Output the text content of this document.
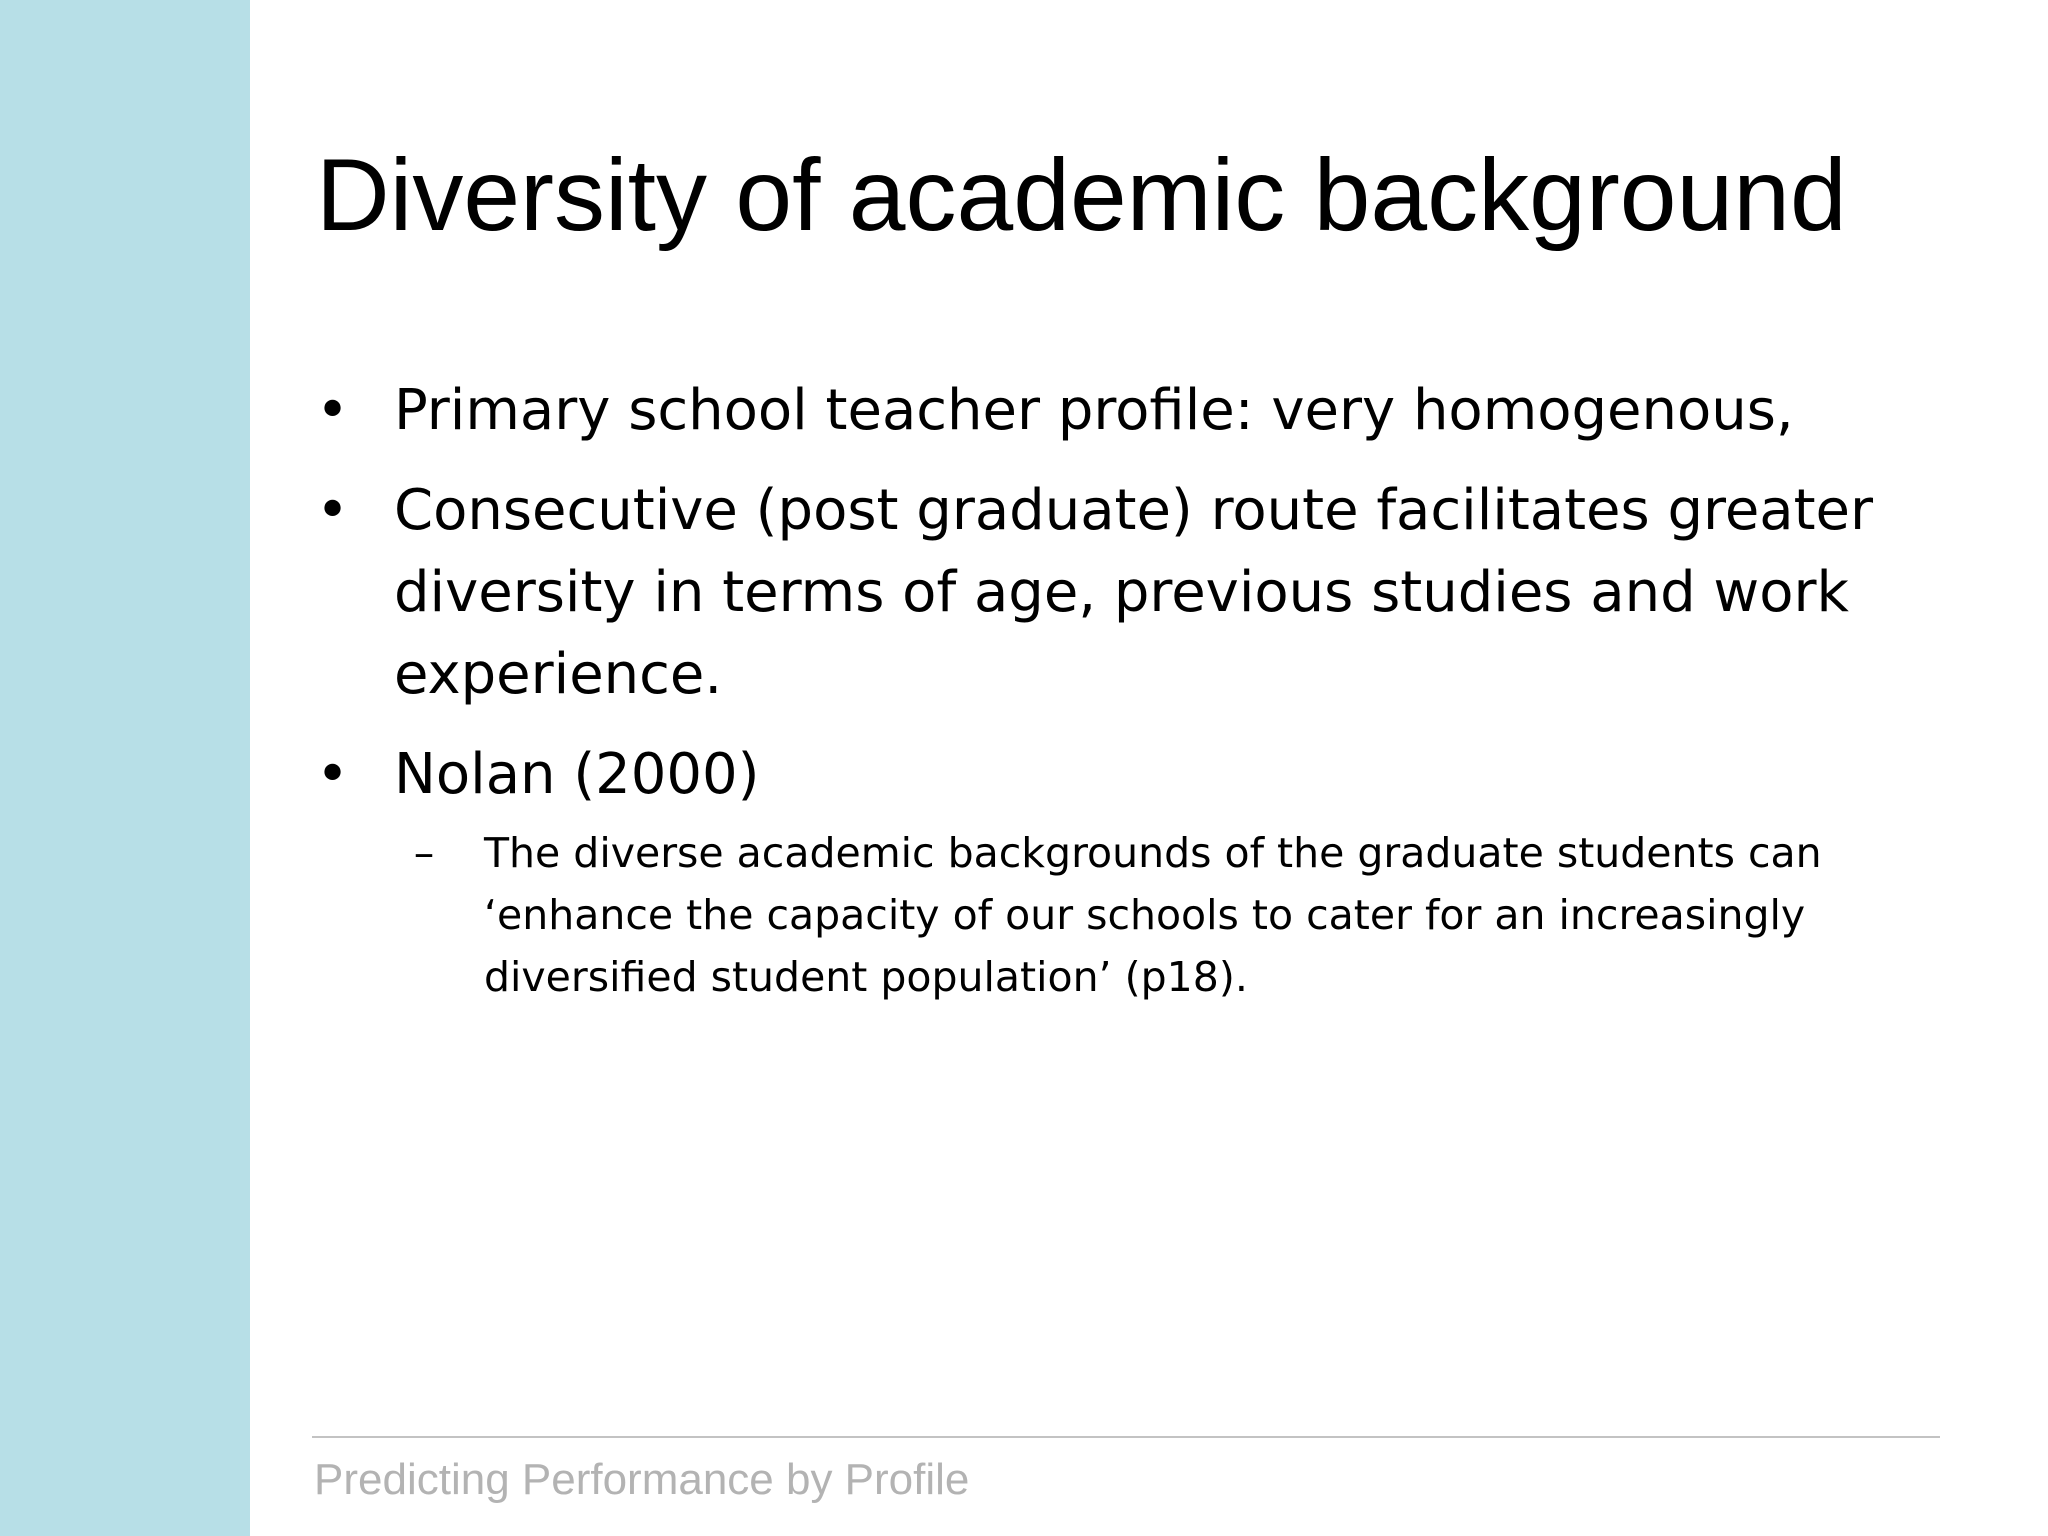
Diversity of academic background
• Primary school teacher profile: very homogenous,
• Consecutive (post graduate) route facilitates greater diversity in terms of age, previous studies and work experience.
• Nolan (2000)
–	The diverse academic backgrounds of the graduate students can ‘enhance the capacity of our schools to cater for an increasingly diversified student population’ (p18).
Predicting Performance by Profile
